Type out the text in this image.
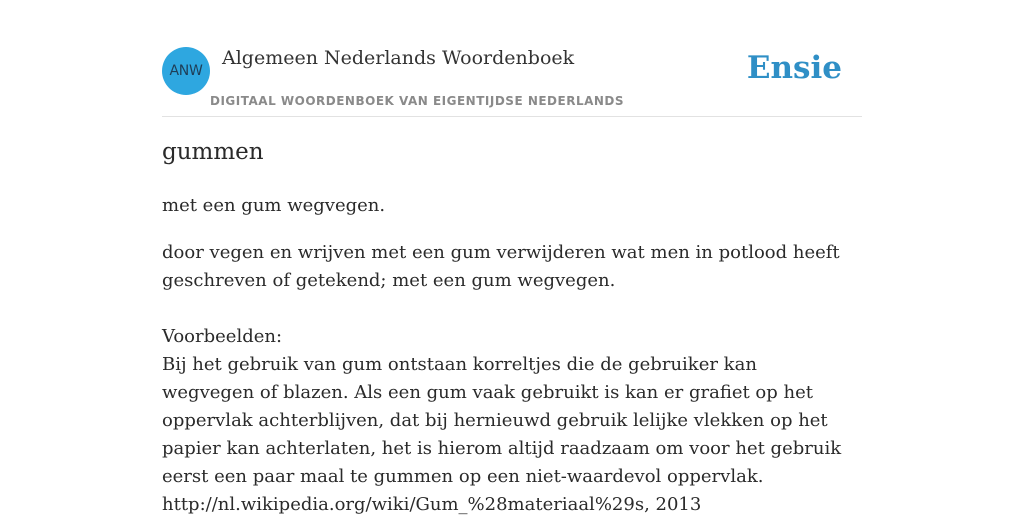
ANW
Algemeen Nederlands Woordenboek
DIGITAAL WOORDENBOEK VAN EIGENTIJDSE NEDERLANDS
Ensie
gummen
met een gum wegvegen.
door vegen en wrijven met een gum verwijderen wat men in potlood heeft geschreven of getekend; met een gum wegvegen.
Voorbeelden:
Bij het gebruik van gum ontstaan korreltjes die de gebruiker kan wegvegen of blazen. Als een gum vaak gebruikt is kan er grafiet op het oppervlak achterblijven, dat bij hernieuwd gebruik lelijke vlekken op het papier kan achterlaten, het is hierom altijd raadzaam om voor het gebruik eerst een paar maal te gummen op een niet-waardevol oppervlak.
http://nl.wikipedia.org/wiki/Gum_%28materiaal%29s, 2013
